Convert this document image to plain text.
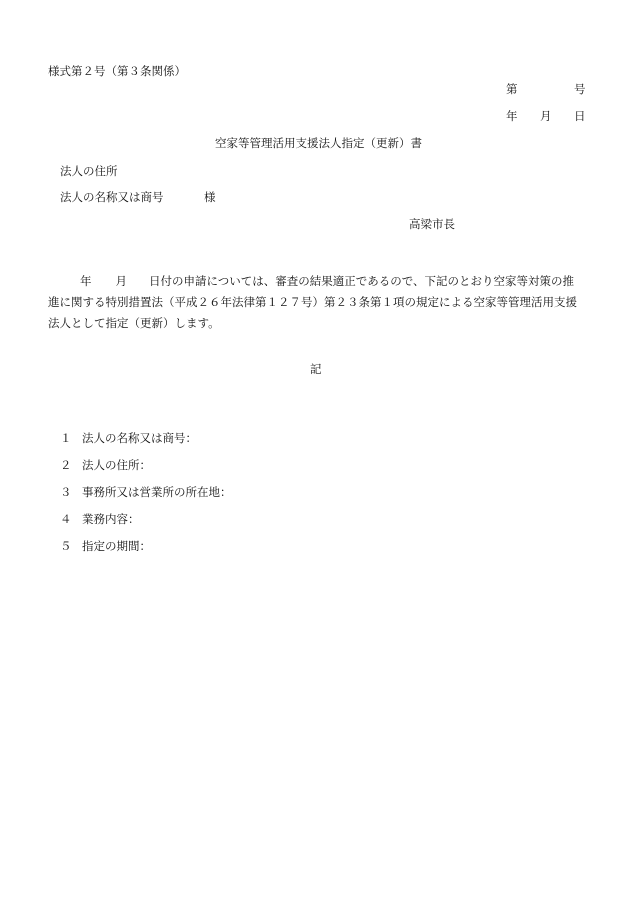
様式第２号（第３条関係）
第	号
年 月 日
空家等管理活用支援法人指定（更新）書
法人の住所
法人の名称又は商号	様
高梁市長
年 月 日付の申請については、審査の結果適正であるので、下記のとおり空家等対策の推進に関する特別措置法（平成２６年法律第１２７号）第２３条第１項の規定による空家等管理活用支援法人として指定（更新）します。
記
１ 法人の名称又は商号：
２ 法人の住所：
３ 事務所又は営業所の所在地：
４ 業務内容：
５ 指定の期間：
